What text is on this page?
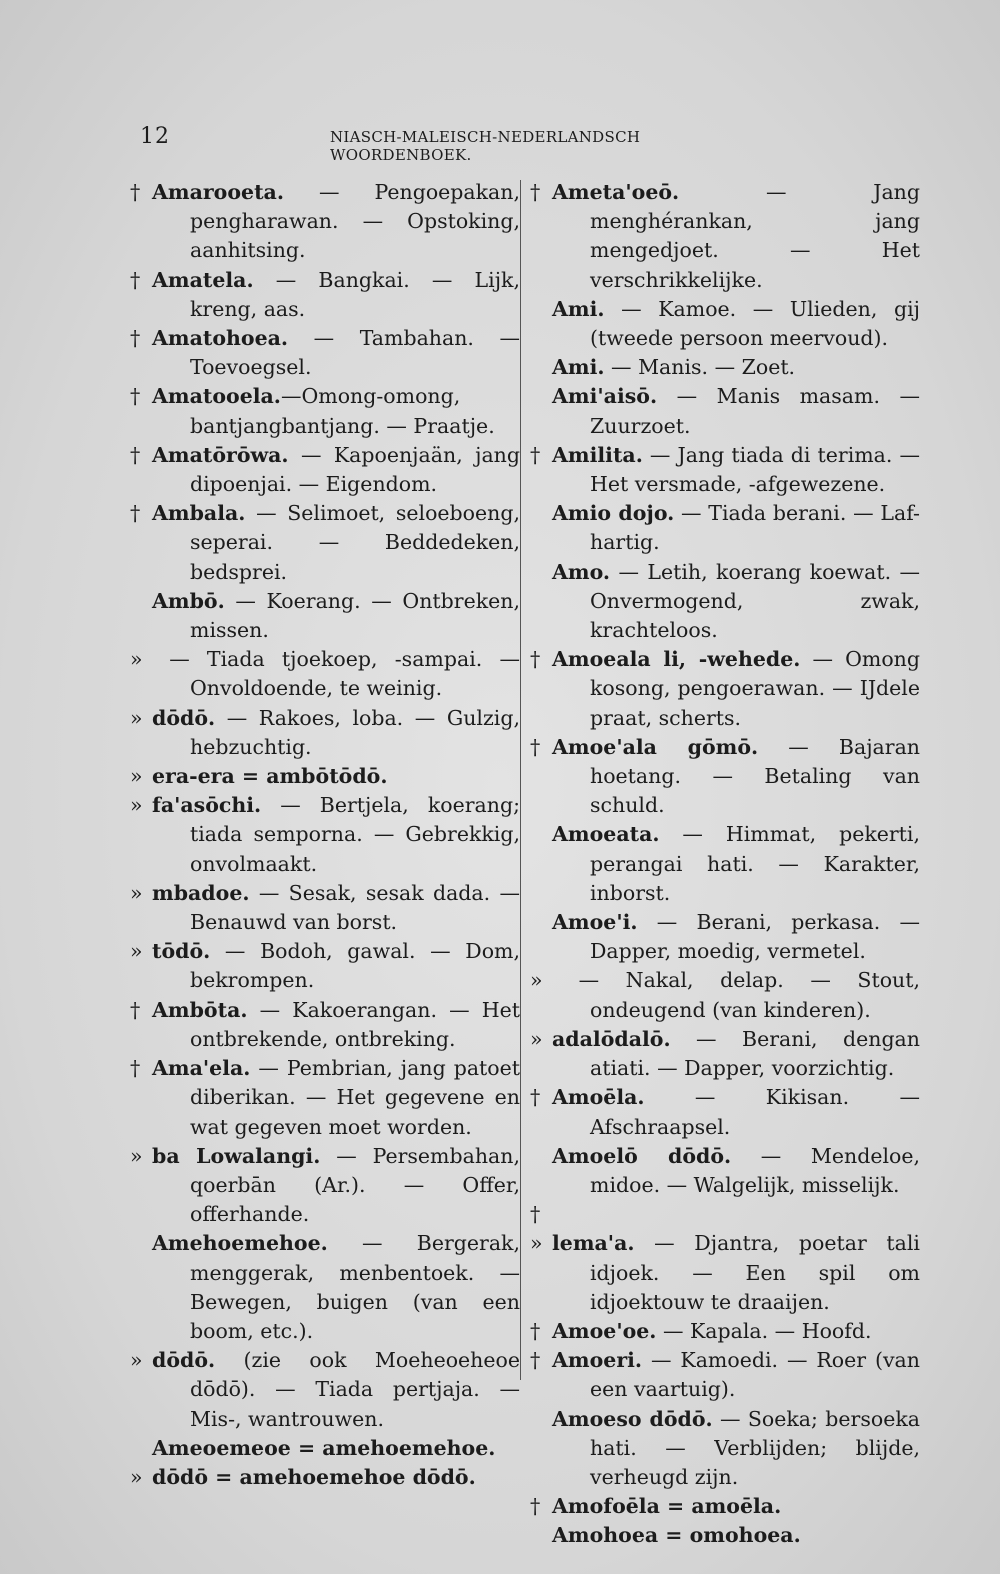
12	NIASCH-MALEISCH-NEDERLANDSCH WOORDENBOEK.
† Amarooeta. — Pengoepakan, pengharawan. — Opstoking, aanhitsing.
† Amatela. — Bangkai. — Lijk, kreng, aas.
† Amatohoea. — Tambahan. — Toevoegsel.
† Amatooela.—Omong-omong, bantjangbantjang. — Praatje.
† Amatōrōwa. — Kapoenjaän, jang dipoenjai. — Eigendom.
† Ambala. — Selimoet, seloeboeng, seperai. — Beddedeken, bedsprei.
Ambō. — Koerang. — Ontbreken, missen.
» — Tiada tjoekoep, -sampai. — Onvoldoende, te weinig.
» dōdō. — Rakoes, loba. — Gulzig, hebzuchtig.
» era-era = ambōtōdō.
» fa'asōchi. — Bertjela, koerang; tiada semporna. — Gebrekkig, onvolmaakt.
» mbadoe. — Sesak, sesak dada. — Benauwd van borst.
» tōdō. — Bodoh, gawal. — Dom, bekrompen.
† Ambōta. — Kakoerangan. — Het ontbrekende, ontbreking.
† Ama'ela. — Pembrian, jang patoet diberikan. — Het gegevene en wat gegeven moet worden.
» ba Lowalangi. — Persembahan, qoerbān (Ar.). — Offer, offerhande.
Amehoemehoe. — Bergerak, menggerak, menbentoek. — Bewegen, buigen (van een boom, etc.).
» dōdō. (zie ook Moeheoeheoe dōdō). — Tiada pertjaja. — Mis-, wantrouwen.
Ameoemeoe = amehoemehoe.
» dōdō = amehoemehoe dōdō.
† Ameta'oeō. — Jang menghérankan, jang mengedjoet. — Het verschrikkelijke.
Ami. — Kamoe. — Ulieden, gij (tweede persoon meervoud).
Ami. — Manis. — Zoet.
Ami'aisō. — Manis masam. — Zuurzoet.
† Amilita. — Jang tiada di terima. — Het versmade, -afgewezene.
Amio dojo. — Tiada berani. — Laf-hartig.
Amo. — Letih, koerang koewat. — Onvermogend, zwak, krachteloos.
† Amoeala li, -wehede. — Omong kosong, pengoerawan. — IJdele praat, scherts.
† Amoe'ala gōmō. — Bajaran hoetang. — Betaling van schuld.
Amoeata. — Himmat, pekerti, perangai hati. — Karakter, inborst.
Amoe'i. — Berani, perkasa. — Dapper, moedig, vermetel.
» — Nakal, delap. — Stout, ondeugend (van kinderen).
» adalōdalō. — Berani, dengan atiati. — Dapper, voorzichtig.
† Amoēla. — Kikisan. — Afschraapsel.
Amoelō dōdō. — Mendeloe, midoe. — Walgelijk, misselijk.
† » lema'a. — Djantra, poetar tali idjoek. — Een spil om idjoektouw te draaijen.
† Amoe'oe. — Kapala. — Hoofd.
† Amoeri. — Kamoedi. — Roer (van een vaartuig).
Amoeso dōdō. — Soeka; bersoeka hati. — Verblijden; blijde, verheugd zijn.
† Amofoēla = amoēla.
Amohoea = omohoea.
